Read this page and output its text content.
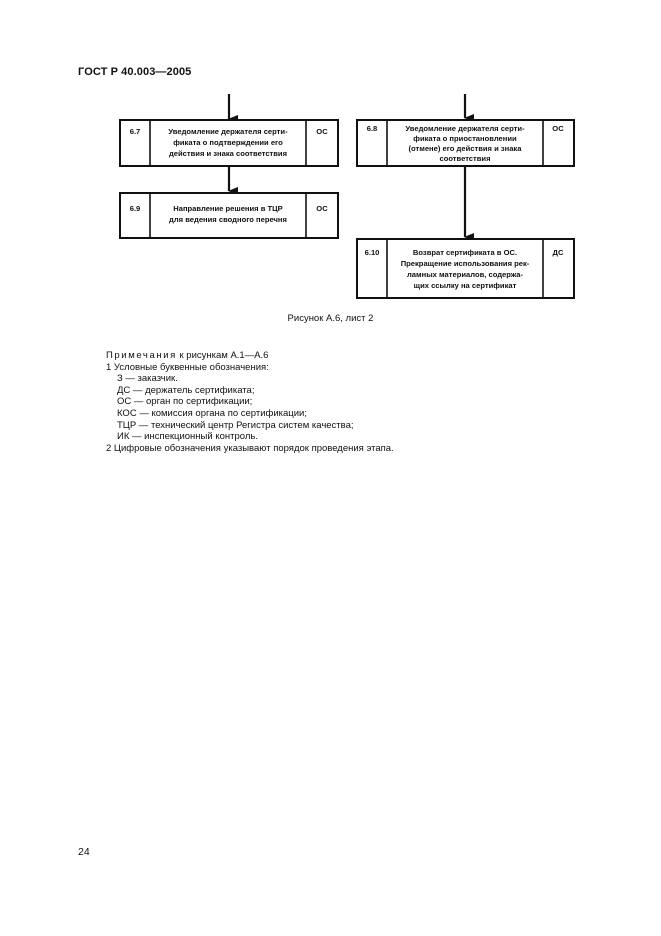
ГОСТ Р 40.003—2005
6.7	Уведомление держателя серти-
фиката о подтверждении его
действия и знака соответствия
ОС
6.9	Направление решения в ТЦР
для ведения сводного перечня
ОС
6.8	Уведомление держателя серти-
фиката о приостановлении
(отмене) его действия и знака
соответствия
ОС
6.10	Возврат сертификата в ОС.
Прекращение использования рек-
ламных материалов, содержа-
щих ссылку на сертификат
ДС
Рисунок А.6, лист 2
Примечания к рисункам А.1—А.6
1 Условные буквенные обозначения:
З — заказчик.
ДС — держатель сертификата;
ОС — орган по сертификации;
КОС — комиссия органа по сертификации;
ТЦР — технический центр Регистра систем качества;
ИК — инспекционный контроль.
2 Цифровые обозначения указывают порядок проведения этапа.
24
